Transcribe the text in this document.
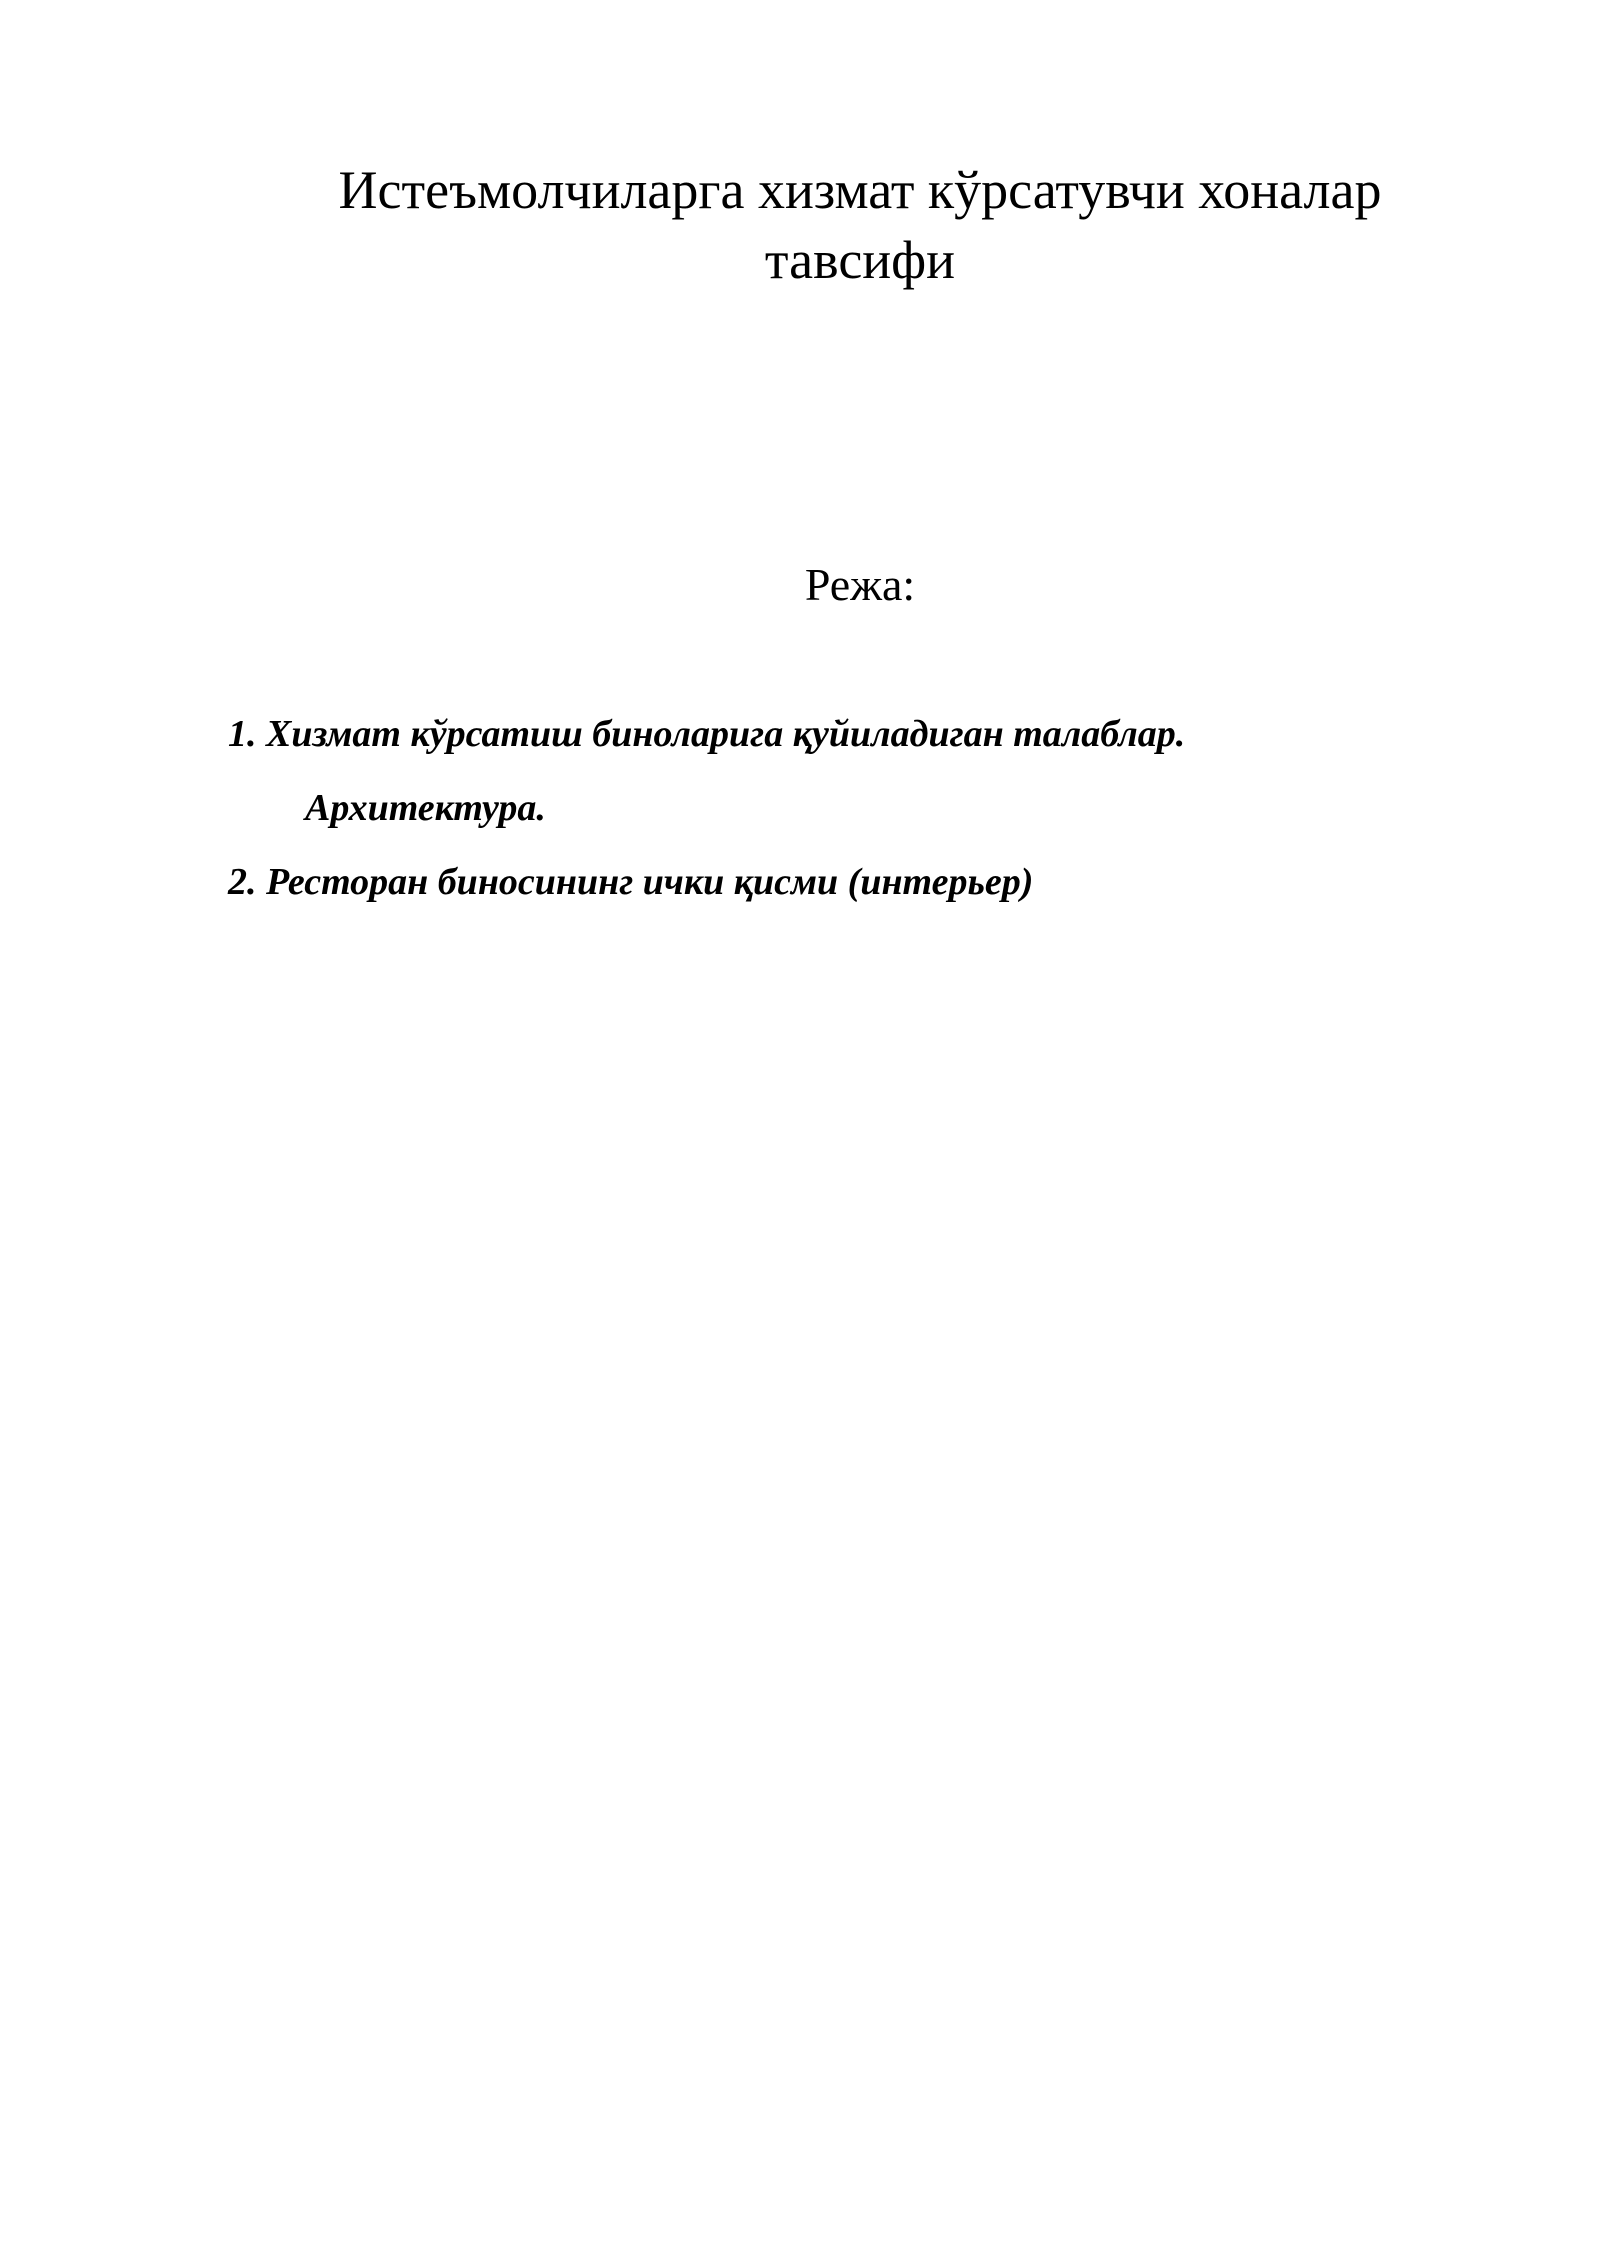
Истеъмолчиларга хизмат кўрсатувчи хоналар
тавсифи

Режа:

1. Хизмат кўрсатиш биноларига қуйиладиган талаблар.
Архитектура.
2. Ресторан биносининг ички қисми (интерьер)
